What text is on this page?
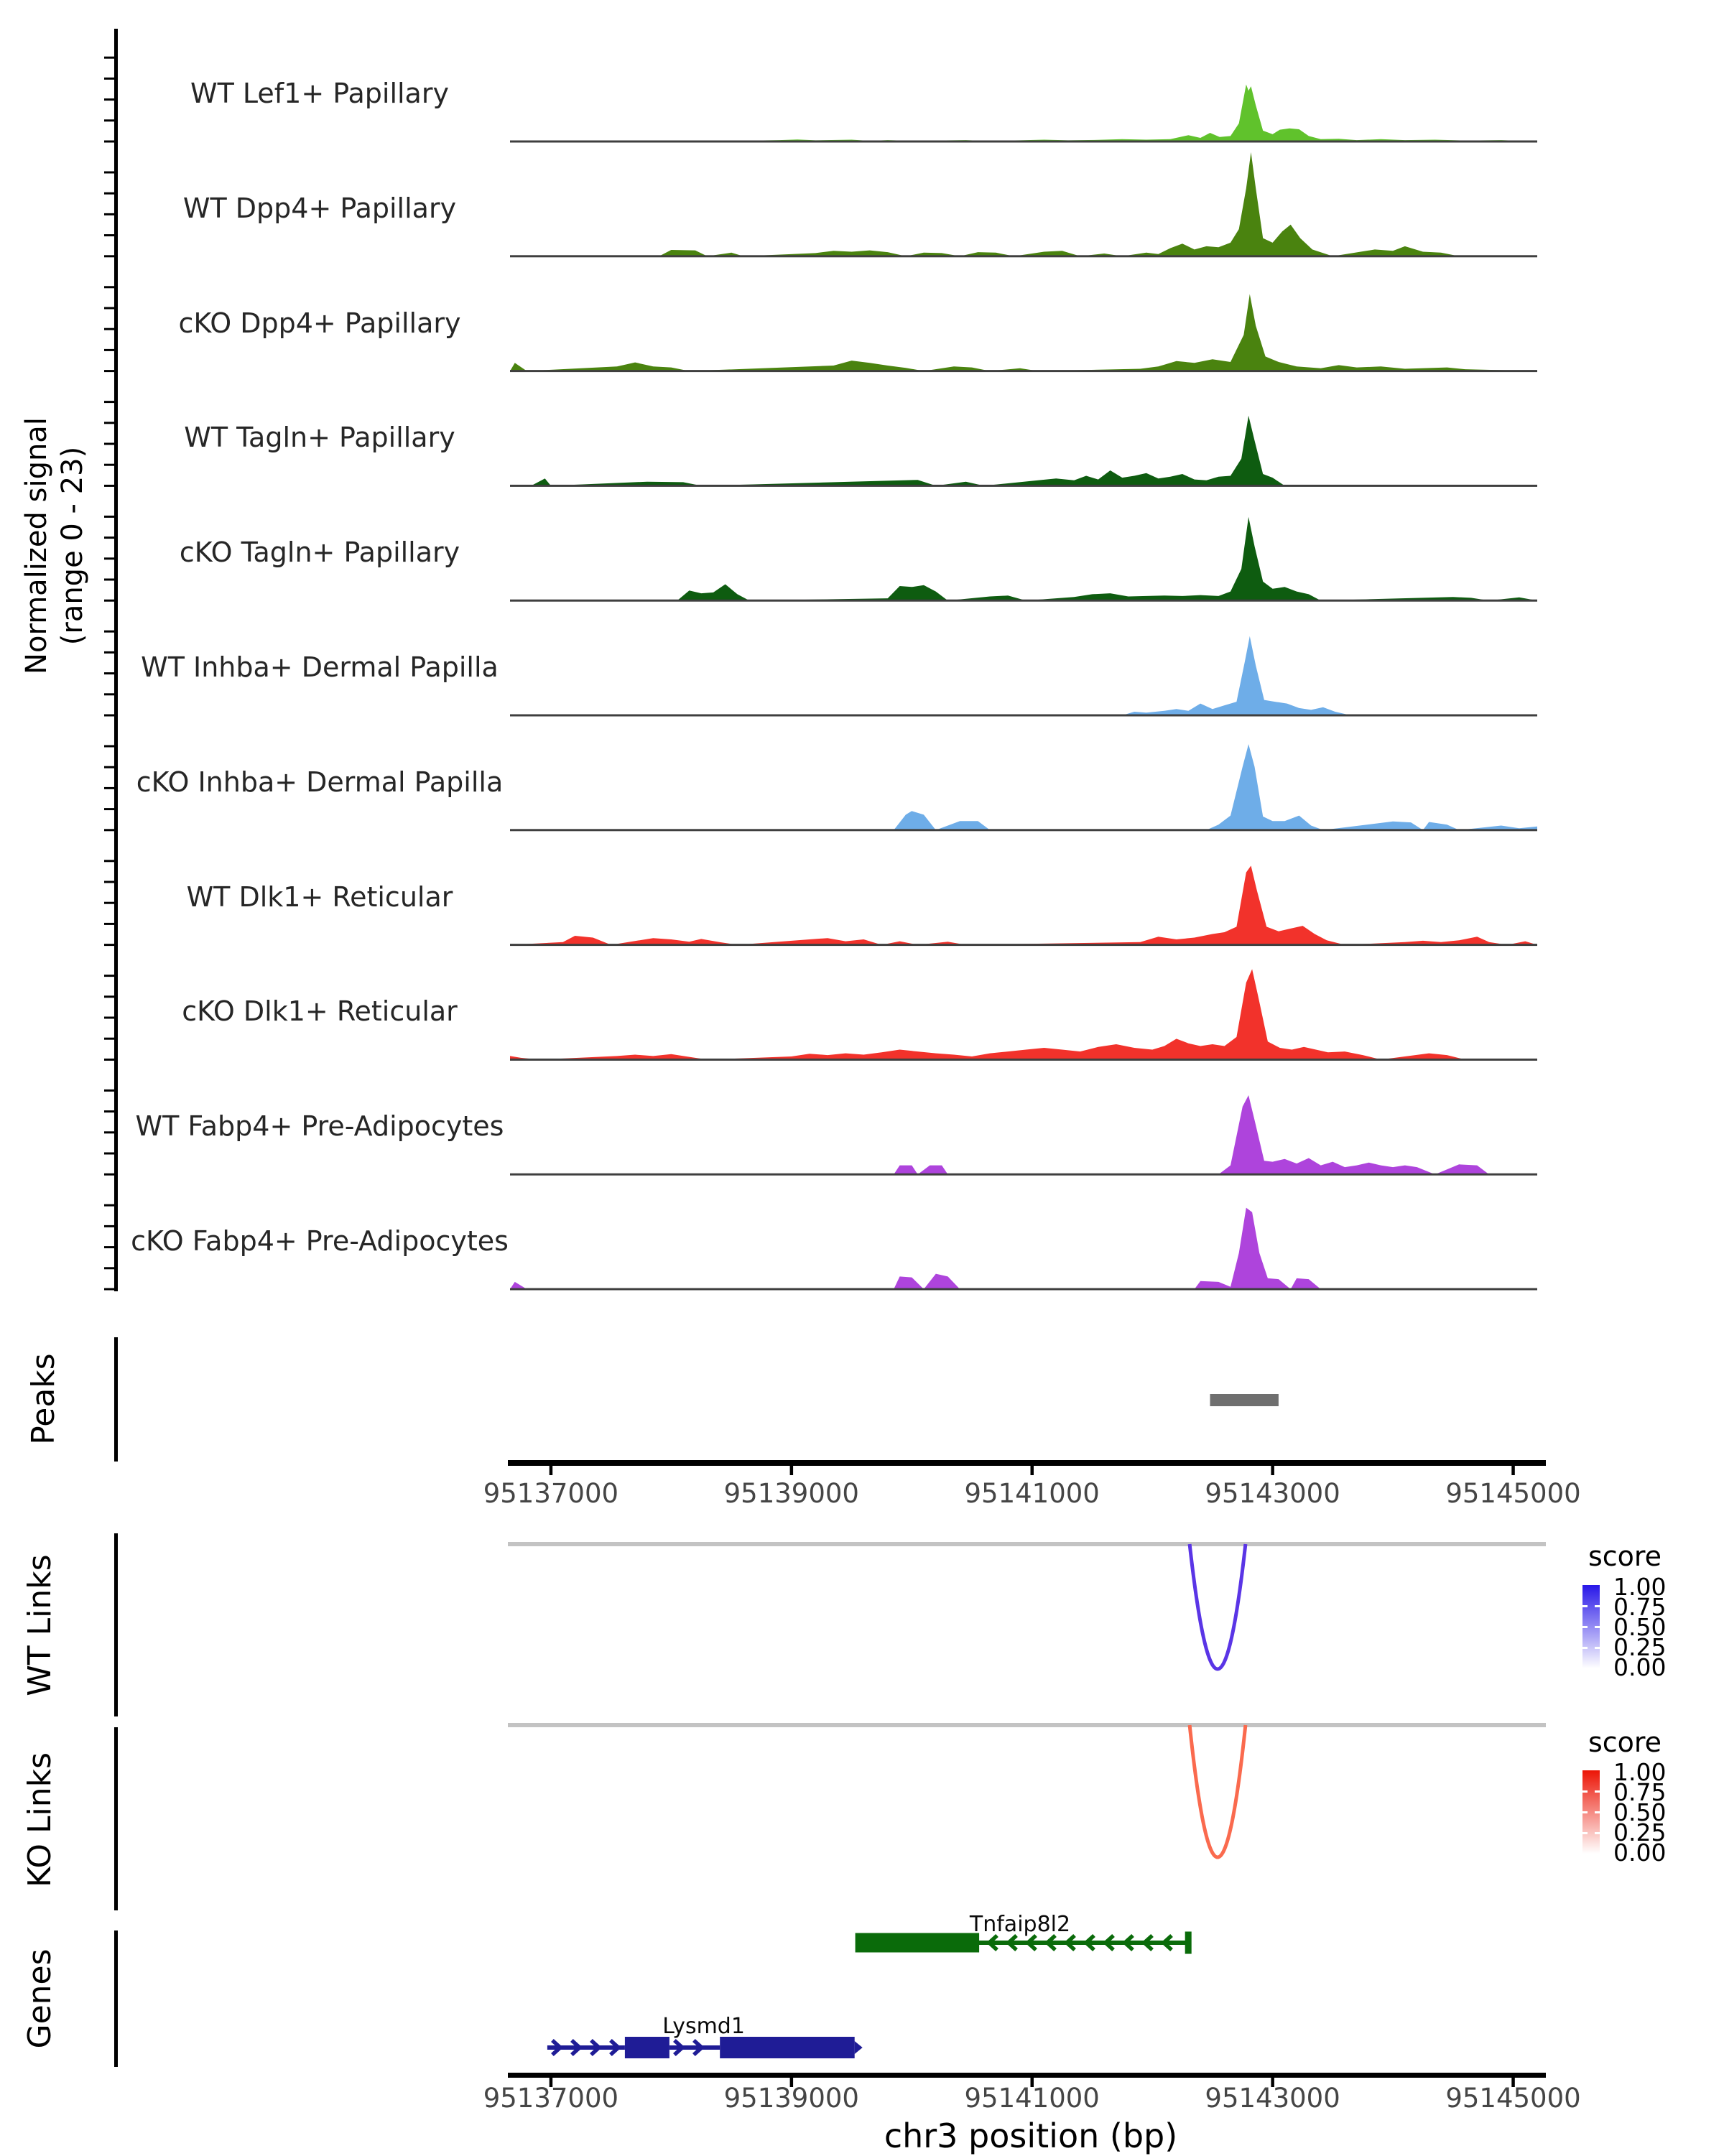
Normalized signal (range 0 - 23)
Peaks
WT Links
KO Links
Genes
chr3 position (bp)
WT Lef1+ Papillary
WT Dpp4+ Papillary
cKO Dpp4+ Papillary
WT Tagln+ Papillary
cKO Tagln+ Papillary
WT Inhba+ Dermal Papilla
cKO Inhba+ Dermal Papilla
WT Dlk1+ Reticular
cKO Dlk1+ Reticular
WT Fabp4+ Pre-Adipocytes
cKO Fabp4+ Pre-Adipocytes
95137000	95139000	95141000	95143000	95145000
95137000	95139000	95141000	95143000	95145000
score
1.00
0.75
0.50
0.25
0.00
score
1.00
0.75
0.50
0.25
0.00
Tnfaip8l2
Lysmd1
